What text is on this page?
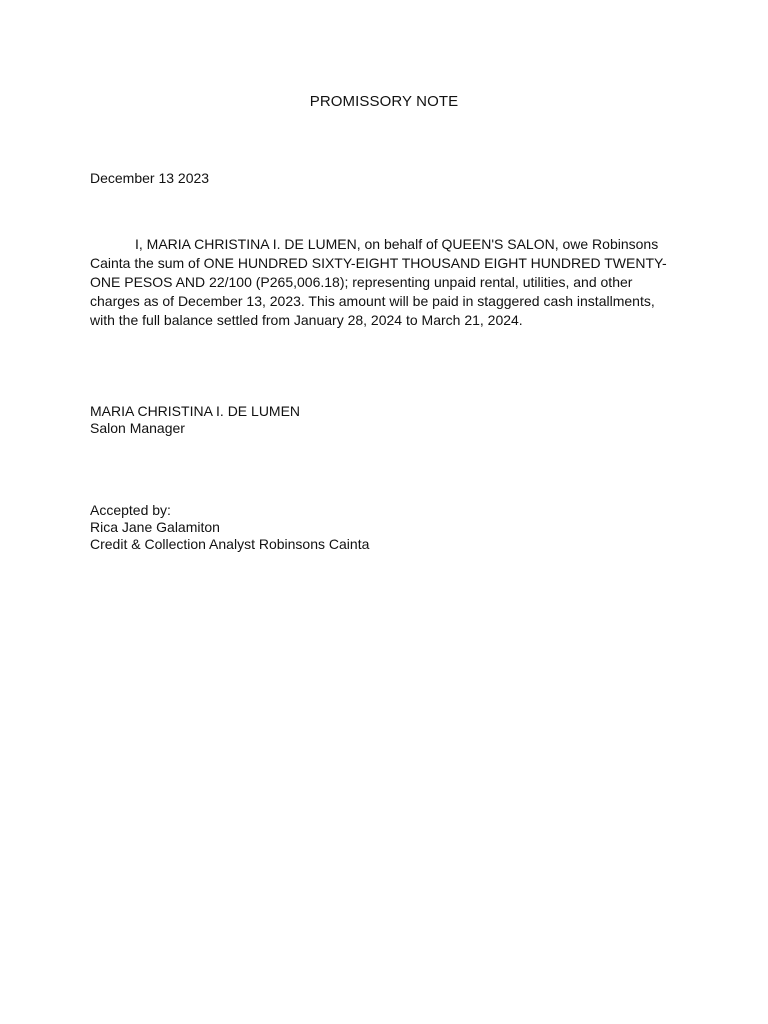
PROMISSORY NOTE
December 13 2023

I, MARIA CHRISTINA I. DE LUMEN, on behalf of QUEEN'S SALON, owe Robinsons Cainta the sum of ONE HUNDRED SIXTY-EIGHT THOUSAND EIGHT HUNDRED TWENTY-ONE PESOS AND 22/100 (P265,006.18); representing unpaid rental, utilities, and other charges as of December 13, 2023. This amount will be paid in staggered cash installments, with the full balance settled from January 28, 2024 to March 21, 2024.

MARIA CHRISTINA I. DE LUMEN
Salon Manager
Accepted by:
Rica Jane Galamiton
Credit & Collection Analyst Robinsons Cainta
